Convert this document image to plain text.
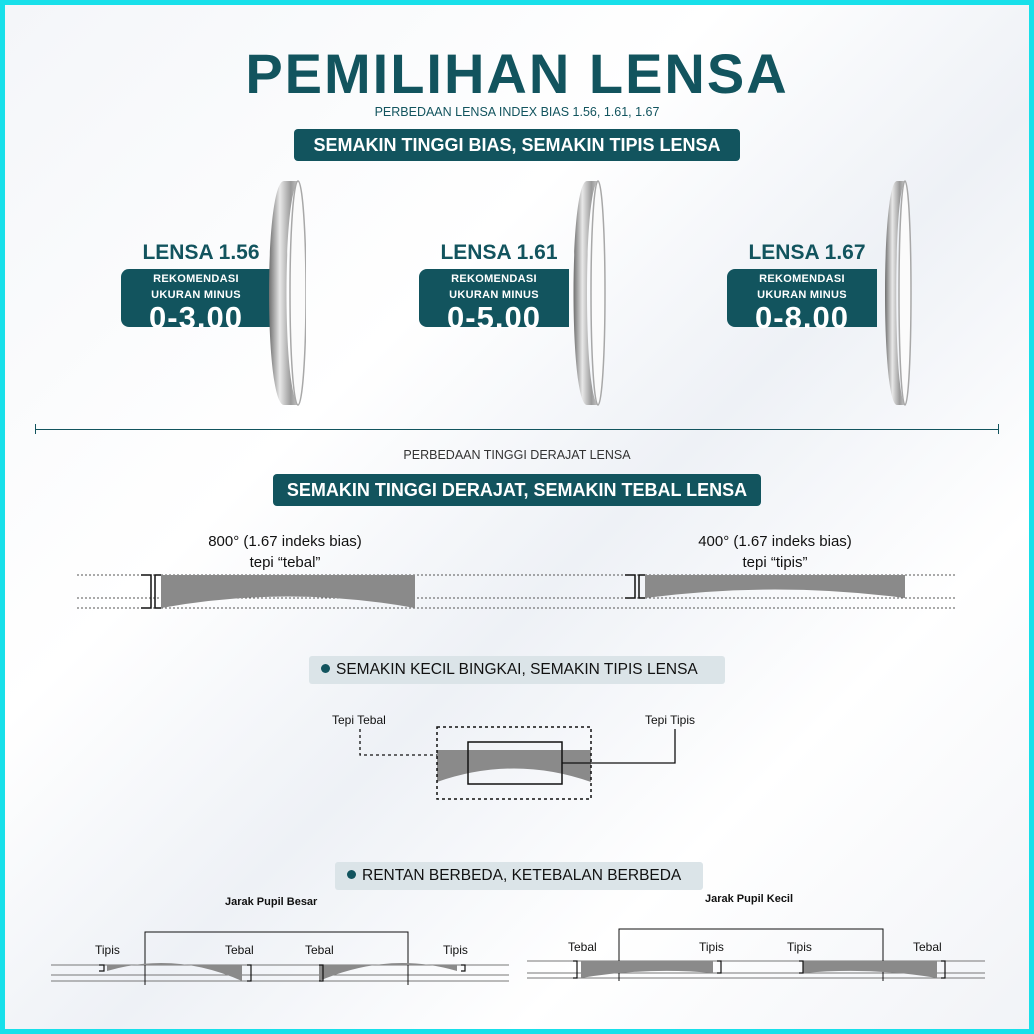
PEMILIHAN LENSA
PERBEDAAN LENSA INDEX BIAS 1.56, 1.61, 1.67
SEMAKIN TINGGI BIAS, SEMAKIN TIPIS LENSA
LENSA 1.56
REKOMENDASI
UKURAN MINUS
0-3.00
LENSA 1.61
REKOMENDASI
UKURAN MINUS
0-5.00
LENSA 1.67
REKOMENDASI
UKURAN MINUS
0-8.00
PERBEDAAN TINGGI DERAJAT LENSA
SEMAKIN TINGGI DERAJAT, SEMAKIN TEBAL LENSA
800° (1.67 indeks bias)
tepi “tebal”
400° (1.67 indeks bias)
tepi “tipis”
SEMAKIN KECIL BINGKAI, SEMAKIN TIPIS LENSA
Tepi Tebal	Tepi Tipis
RENTAN BERBEDA, KETEBALAN BERBEDA
Jarak Pupil Besar	Jarak Pupil Kecil
Tipis	Tebal	Tebal	Tipis	Tebal	Tipis	Tipis	Tebal
